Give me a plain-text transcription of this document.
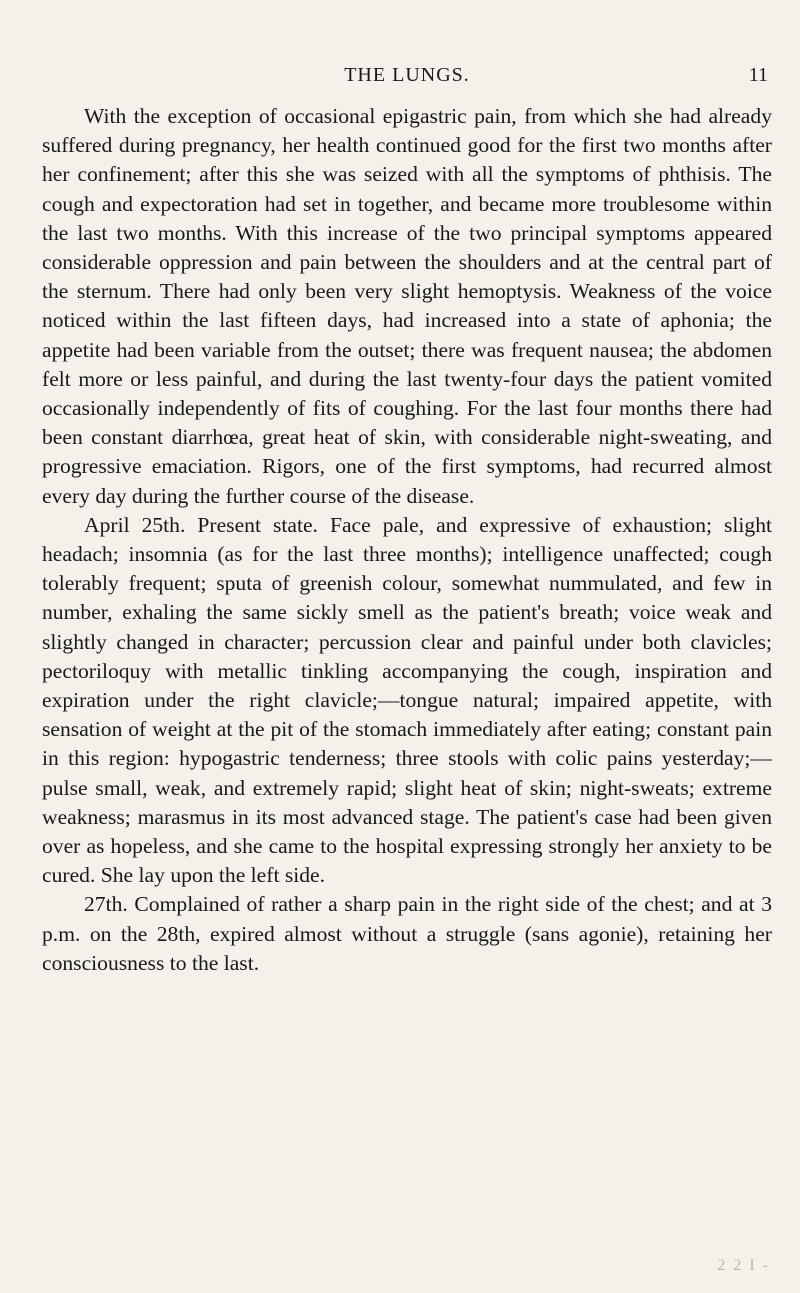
THE LUNGS.	11

With the exception of occasional epigastric pain, from which she had already suffered during pregnancy, her health continued good for the first two months after her confinement; after this she was seized with all the symptoms of phthisis. The cough and expectoration had set in together, and became more troublesome within the last two months. With this increase of the two principal symptoms appeared considerable oppression and pain between the shoulders and at the central part of the sternum. There had only been very slight hemoptysis. Weakness of the voice noticed within the last fifteen days, had increased into a state of aphonia; the appetite had been variable from the outset; there was frequent nausea; the abdomen felt more or less painful, and during the last twenty-four days the patient vomited occasionally independently of fits of coughing. For the last four months there had been constant diarrhœa, great heat of skin, with considerable night-sweating, and progressive emaciation. Rigors, one of the first symptoms, had recurred almost every day during the further course of the disease.

April 25th. Present state. Face pale, and expressive of exhaustion; slight headach; insomnia (as for the last three months); intelligence unaffected; cough tolerably frequent; sputa of greenish colour, somewhat nummulated, and few in number, exhaling the same sickly smell as the patient's breath; voice weak and slightly changed in character; percussion clear and painful under both clavicles; pectoriloquy with metallic tinkling accompanying the cough, inspiration and expiration under the right clavicle;—tongue natural; impaired appetite, with sensation of weight at the pit of the stomach immediately after eating; constant pain in this region: hypogastric tenderness; three stools with colic pains yesterday;—pulse small, weak, and extremely rapid; slight heat of skin; night-sweats; extreme weakness; marasmus in its most advanced stage. The patient's case had been given over as hopeless, and she came to the hospital expressing strongly her anxiety to be cured. She lay upon the left side.

27th. Complained of rather a sharp pain in the right side of the chest; and at 3 p.m. on the 28th, expired almost without a struggle (sans agonie), retaining her consciousness to the last.

2 2 I -
